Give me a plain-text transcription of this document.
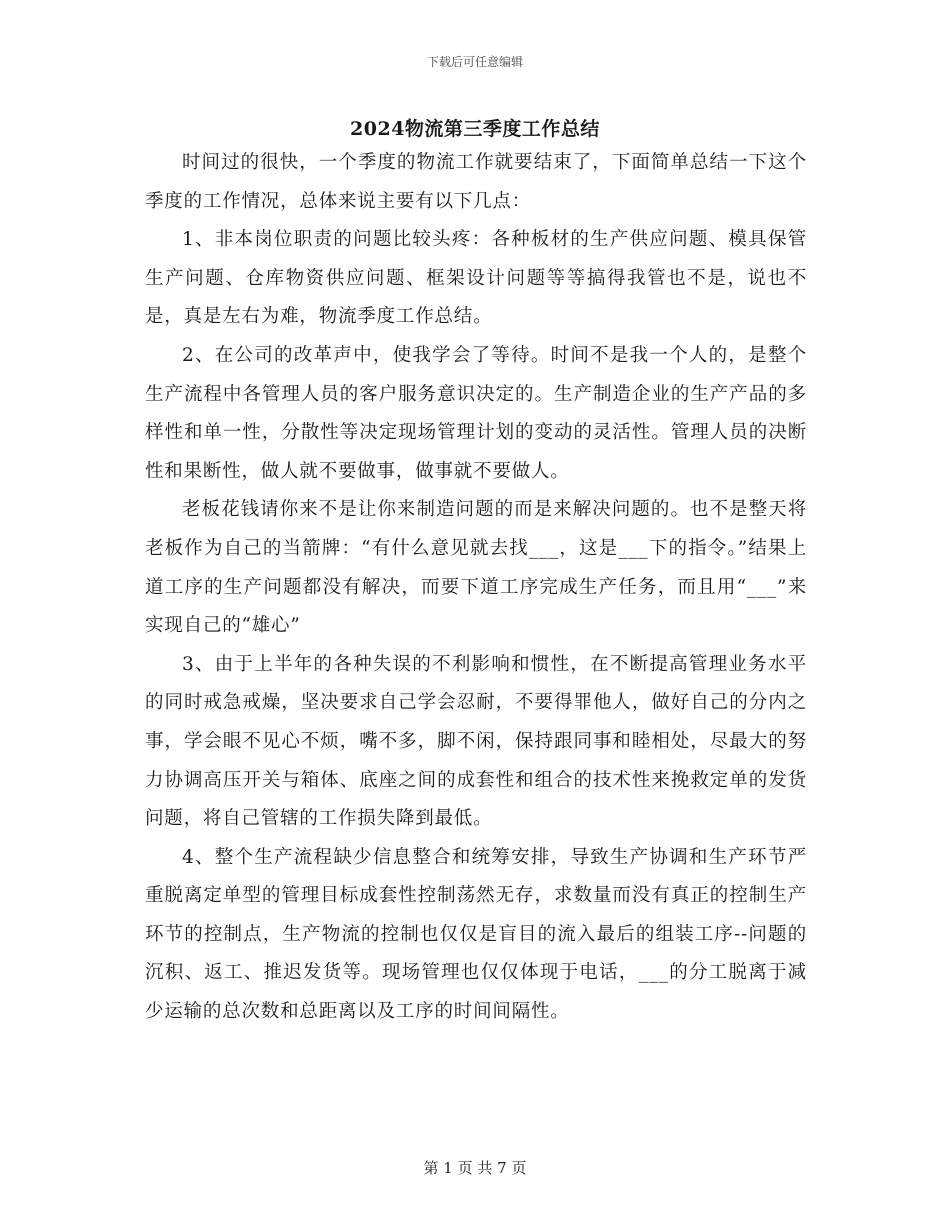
下载后可任意编辑
2024物流第三季度工作总结

时间过的很快，一个季度的物流工作就要结束了，下面简单总结一下这个季度的工作情况，总体来说主要有以下几点：

1、非本岗位职责的问题比较头疼：各种板材的生产供应问题、模具保管生产问题、仓库物资供应问题、框架设计问题等等搞得我管也不是，说也不是，真是左右为难，物流季度工作总结。

2、在公司的改革声中，使我学会了等待。时间不是我一个人的，是整个生产流程中各管理人员的客户服务意识决定的。生产制造企业的生产产品的多样性和单一性，分散性等决定现场管理计划的变动的灵活性。管理人员的决断性和果断性，做人就不要做事，做事就不要做人。

老板花钱请你来不是让你来制造问题的而是来解决问题的。也不是整天将老板作为自己的当箭牌：“有什么意见就去找___，这是___下的指令。”结果上道工序的生产问题都没有解决，而要下道工序完成生产任务，而且用“___”来实现自己的“雄心”

3、由于上半年的各种失误的不利影响和惯性，在不断提高管理业务水平的同时戒急戒燥，坚决要求自己学会忍耐，不要得罪他人，做好自己的分内之事，学会眼不见心不烦，嘴不多，脚不闲，保持跟同事和睦相处，尽最大的努力协调高压开关与箱体、底座之间的成套性和组合的技术性来挽救定单的发货问题，将自己管辖的工作损失降到最低。

4、整个生产流程缺少信息整合和统筹安排，导致生产协调和生产环节严重脱离定单型的管理目标成套性控制荡然无存，求数量而没有真正的控制生产环节的控制点，生产物流的控制也仅仅是盲目的流入最后的组装工序--问题的沉积、返工、推迟发货等。现场管理也仅仅体现于电话，___的分工脱离于减少运输的总次数和总距离以及工序的时间间隔性。

第 1 页 共 7 页
